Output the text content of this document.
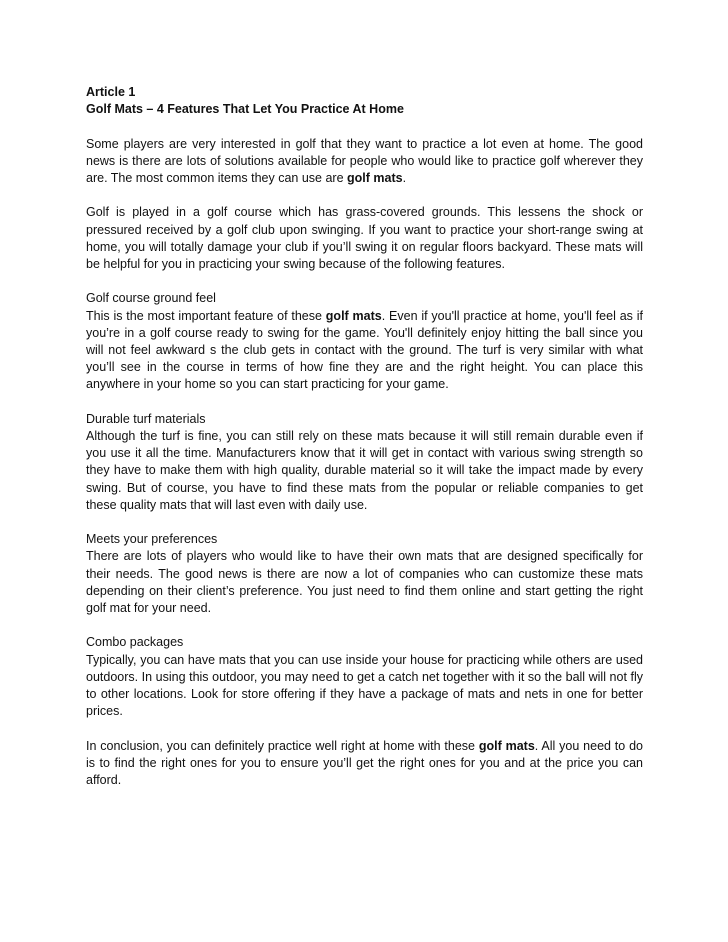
Article 1
Golf Mats – 4 Features That Let You Practice At Home

Some players are very interested in golf that they want to practice a lot even at home. The good news is there are lots of solutions available for people who would like to practice golf wherever they are. The most common items they can use are golf mats.

Golf is played in a golf course which has grass-covered grounds. This lessens the shock or pressured received by a golf club upon swinging. If you want to practice your short-range swing at home, you will totally damage your club if you’ll swing it on regular floors backyard. These mats will be helpful for you in practicing your swing because of the following features.

Golf course ground feel
This is the most important feature of these golf mats. Even if you'll practice at home, you'll feel as if you’re in a golf course ready to swing for the game. You'll definitely enjoy hitting the ball since you will not feel awkward s the club gets in contact with the ground. The turf is very similar with what you’ll see in the course in terms of how fine they are and the right height. You can place this anywhere in your home so you can start practicing for your game.

Durable turf materials
Although the turf is fine, you can still rely on these mats because it will still remain durable even if you use it all the time. Manufacturers know that it will get in contact with various swing strength so they have to make them with high quality, durable material so it will take the impact made by every swing. But of course, you have to find these mats from the popular or reliable companies to get these quality mats that will last even with daily use.

Meets your preferences
There are lots of players who would like to have their own mats that are designed specifically for their needs. The good news is there are now a lot of companies who can customize these mats depending on their client’s preference. You just need to find them online and start getting the right golf mat for your need.

Combo packages
Typically, you can have mats that you can use inside your house for practicing while others are used outdoors. In using this outdoor, you may need to get a catch net together with it so the ball will not fly to other locations. Look for store offering if they have a package of mats and nets in one for better prices.

In conclusion, you can definitely practice well right at home with these golf mats. All you need to do is to find the right ones for you to ensure you’ll get the right ones for you and at the price you can afford.
